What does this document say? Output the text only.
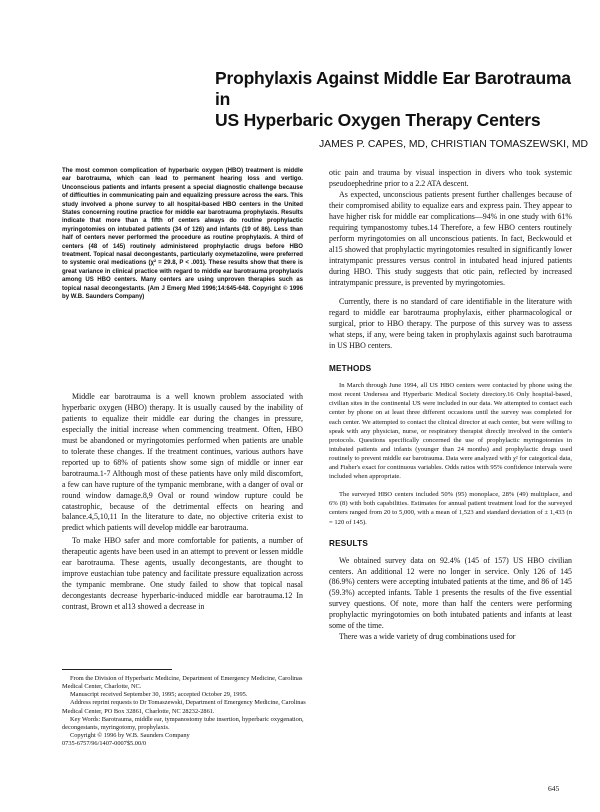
Prophylaxis Against Middle Ear Barotrauma in
US Hyperbaric Oxygen Therapy Centers

JAMES P. CAPES, MD, CHRISTIAN TOMASZEWSKI, MD

The most common complication of hyperbaric oxygen (HBO) treatment is middle ear barotrauma, which can lead to permanent hearing loss and vertigo. Unconscious patients and infants present a special diagnostic challenge because of difficulties in communicating pain and equalizing pressure across the ears. This study involved a phone survey to all hospital-based HBO centers in the United States concerning routine practice for middle ear barotrauma prophylaxis. Results indicate that more than a fifth of centers always do routine prophylactic myringotomies on intubated patients (34 of 126) and infants (19 of 86). Less than half of centers never performed the procedure as routine prophylaxis. A third of centers (48 of 145) routinely administered prophylactic drugs before HBO treatment. Topical nasal decongestants, particularly oxymetazoline, were preferred to systemic oral medications (χ² = 29.8, P < .001). These results show that there is great variance in clinical practice with regard to middle ear barotrauma prophylaxis among US HBO centers. Many centers are using unproven therapies such as topical nasal decongestants. (Am J Emerg Med 1996;14:645-648. Copyright © 1996 by W.B. Saunders Company)

Middle ear barotrauma is a well known problem associated with hyperbaric oxygen (HBO) therapy. It is usually caused by the inability of patients to equalize their middle ear during the changes in pressure, especially the initial increase when commencing treatment. Often, HBO must be abandoned or myringotomies performed when patients are unable to tolerate these changes. If the treatment continues, various authors have reported up to 68% of patients show some sign of middle or inner ear barotrauma.1-7 Although most of these patients have only mild discomfort, a few can have rupture of the tympanic membrane, with a danger of oval or round window damage.8,9 Oval or round window rupture could be catastrophic, because of the detrimental effects on hearing and balance.4,5,10,11 In the literature to date, no objective criteria exist to predict which patients will develop middle ear barotrauma.

To make HBO safer and more comfortable for patients, a number of therapeutic agents have been used in an attempt to prevent or lessen middle ear barotrauma. These agents, usually decongestants, are thought to improve eustachian tube patency and facilitate pressure equalization across the tympanic membrane. One study failed to show that topical nasal decongestants decrease hyperbaric-induced middle ear barotrauma.12 In contrast, Brown et al13 showed a decrease in

otic pain and trauma by visual inspection in divers who took systemic pseudoephedrine prior to a 2.2 ATA descent.

As expected, unconscious patients present further challenges because of their compromised ability to equalize ears and express pain. They appear to have higher risk for middle ear complications—94% in one study with 61% requiring tympanostomy tubes.14 Therefore, a few HBO centers routinely perform myringotomies on all unconscious patients. In fact, Beckwould et al15 showed that prophylactic myringotomies resulted in significantly lower intratympanic pressures versus control in intubated head injured patients during HBO. This study suggests that otic pain, reflected by increased intratympanic pressure, is prevented by myringotomies.

Currently, there is no standard of care identifiable in the literature with regard to middle ear barotrauma prophylaxis, either pharmacological or surgical, prior to HBO therapy. The purpose of this survey was to assess what steps, if any, were being taken in prophylaxis against such barotrauma in US HBO centers.

METHODS

In March through June 1994, all US HBO centers were contacted by phone using the most recent Undersea and Hyperbaric Medical Society directory.16 Only hospital-based, civilian sites in the continental US were included in our data. We attempted to contact each center by phone on at least three different occasions until the survey was completed for each center. We attempted to contact the clinical director at each center, but were willing to speak with any physician, nurse, or respiratory therapist directly involved in the center's protocols. Questions specifically concerned the use of prophylactic myringotomies in intubated patients and infants (younger than 24 months) and prophylactic drugs used routinely to prevent middle ear barotrauma. Data were analyzed with χ² for categorical data, and Fisher's exact for continuous variables. Odds ratios with 95% confidence intervals were included when appropriate.

The surveyed HBO centers included 50% (95) monoplace, 28% (49) multiplace, and 6% (8) with both capabilities. Estimates for annual patient treatment load for the surveyed centers ranged from 20 to 5,000, with a mean of 1,523 and standard deviation of ± 1,433 (n = 120 of 145).

RESULTS

We obtained survey data on 92.4% (145 of 157) US HBO civilian centers. An additional 12 were no longer in service. Only 126 of 145 (86.9%) centers were accepting intubated patients at the time, and 86 of 145 (59.3%) accepted infants. Table 1 presents the results of the five essential survey questions. Of note, more than half the centers were performing prophylactic myringotomies on both intubated patients and infants at least some of the time.

There was a wide variety of drug combinations used for

From the Division of Hyperbaric Medicine, Department of Emergency Medicine, Carolinas Medical Center, Charlotte, NC.

Manuscript received September 30, 1995; accepted October 29, 1995.

Address reprint requests to Dr Tomaszewski, Department of Emergency Medicine, Carolinas Medical Center, PO Box 32861, Charlotte, NC 28232-2861.

Key Words: Barotrauma, middle ear, tympanostomy tube insertion, hyperbaric oxygenation, decongestants, myringotomy, prophylaxis.

Copyright © 1996 by W.B. Saunders Company

0735-6757/96/1407-0007$5.00/0

645
